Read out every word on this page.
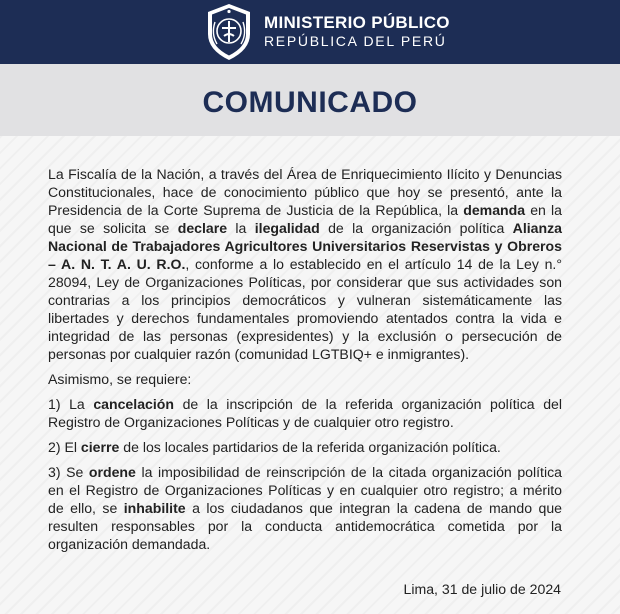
MINISTERIO PÚBLICO
REPÚBLICA DEL PERÚ
COMUNICADO

La Fiscalía de la Nación, a través del Área de Enriquecimiento Ilícito y Denuncias Constitucionales, hace de conocimiento público que hoy se presentó, ante la Presidencia de la Corte Suprema de Justicia de la República, la demanda en la que se solicita se declare la ilegalidad de la organización política Alianza Nacional de Trabajadores Agricultores Universitarios Reservistas y Obreros – A. N. T. A. U. R.O., conforme a lo establecido en el artículo 14 de la Ley n.° 28094, Ley de Organizaciones Políticas, por considerar que sus actividades son contrarias a los principios democráticos y vulneran sistemáticamente las libertades y derechos fundamentales promoviendo atentados contra la vida e integridad de las personas (expresidentes) y la exclusión o persecución de personas por cualquier razón (comunidad LGTBIQ+ e inmigrantes).

Asimismo, se requiere:

1) La cancelación de la inscripción de la referida organización política del Registro de Organizaciones Políticas y de cualquier otro registro.

2) El cierre de los locales partidarios de la referida organización política.

3) Se ordene la imposibilidad de reinscripción de la citada organización política en el Registro de Organizaciones Políticas y en cualquier otro registro; a mérito de ello, se inhabilite a los ciudadanos que integran la cadena de mando que resulten responsables por la conducta antidemocrática cometida por la organización demandada.

Lima, 31 de julio de 2024
